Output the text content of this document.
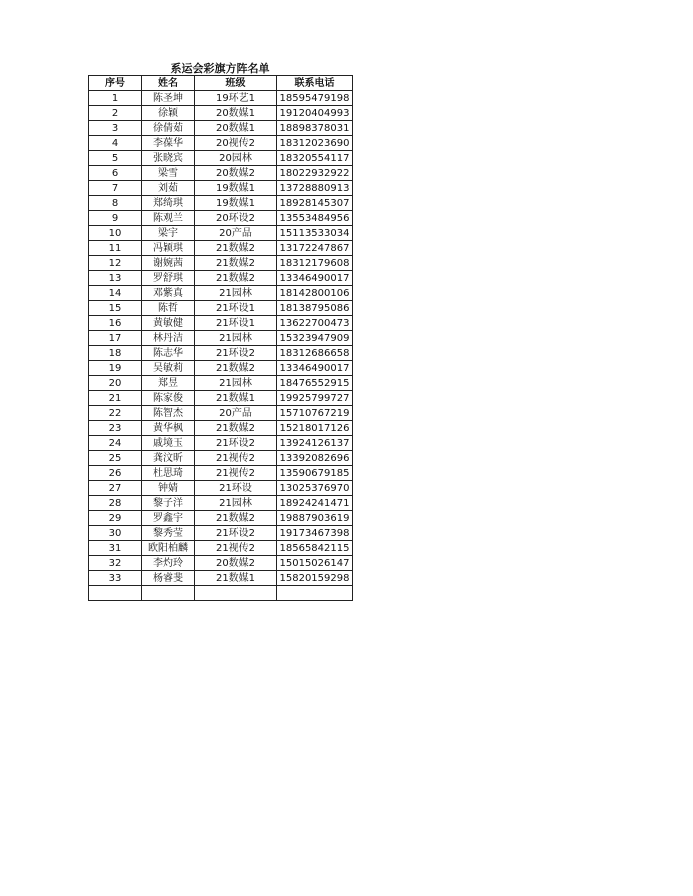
系运会彩旗方阵名单
序号	姓名	班级	联系电话
1	陈圣坤	19环艺1	18595479198
2	徐颖	20数媒1	19120404993
3	徐倩茹	20数媒1	18898378031
4	李葆华	20视传2	18312023690
5	张晓宾	20园林	18320554117
6	梁雪	20数媒2	18022932922
7	刘茹	19数媒1	13728880913
8	郑绮琪	19数媒1	18928145307
9	陈观兰	20环设2	13553484956
10	梁宇	20产品	15113533034
11	冯颖琪	21数媒2	13172247867
12	谢婉茜	21数媒2	18312179608
13	罗舒琪	21数媒2	13346490017
14	邓紫真	21园林	18142800106
15	陈哲	21环设1	18138795086
16	黄敏健	21环设1	13622700473
17	林丹洁	21园林	15323947909
18	陈志华	21环设2	18312686658
19	吴敏莉	21数媒2	13346490017
20	郑昱	21园林	18476552915
21	陈家俊	21数媒1	19925799727
22	陈智杰	20产品	15710767219
23	黄华枫	21数媒2	15218017126
24	戚境玉	21环设2	13924126137
25	龚汶昕	21视传2	13392082696
26	杜思琦	21视传2	13590679185
27	钟婧	21环设	13025376970
28	黎子洋	21园林	18924241471
29	罗鑫宇	21数媒2	19887903619
30	黎秀莹	21环设2	19173467398
31	欧阳柏麟	21视传2	18565842115
32	李灼玲	20数媒2	15015026147
33	杨睿斐	21数媒1	15820159298
